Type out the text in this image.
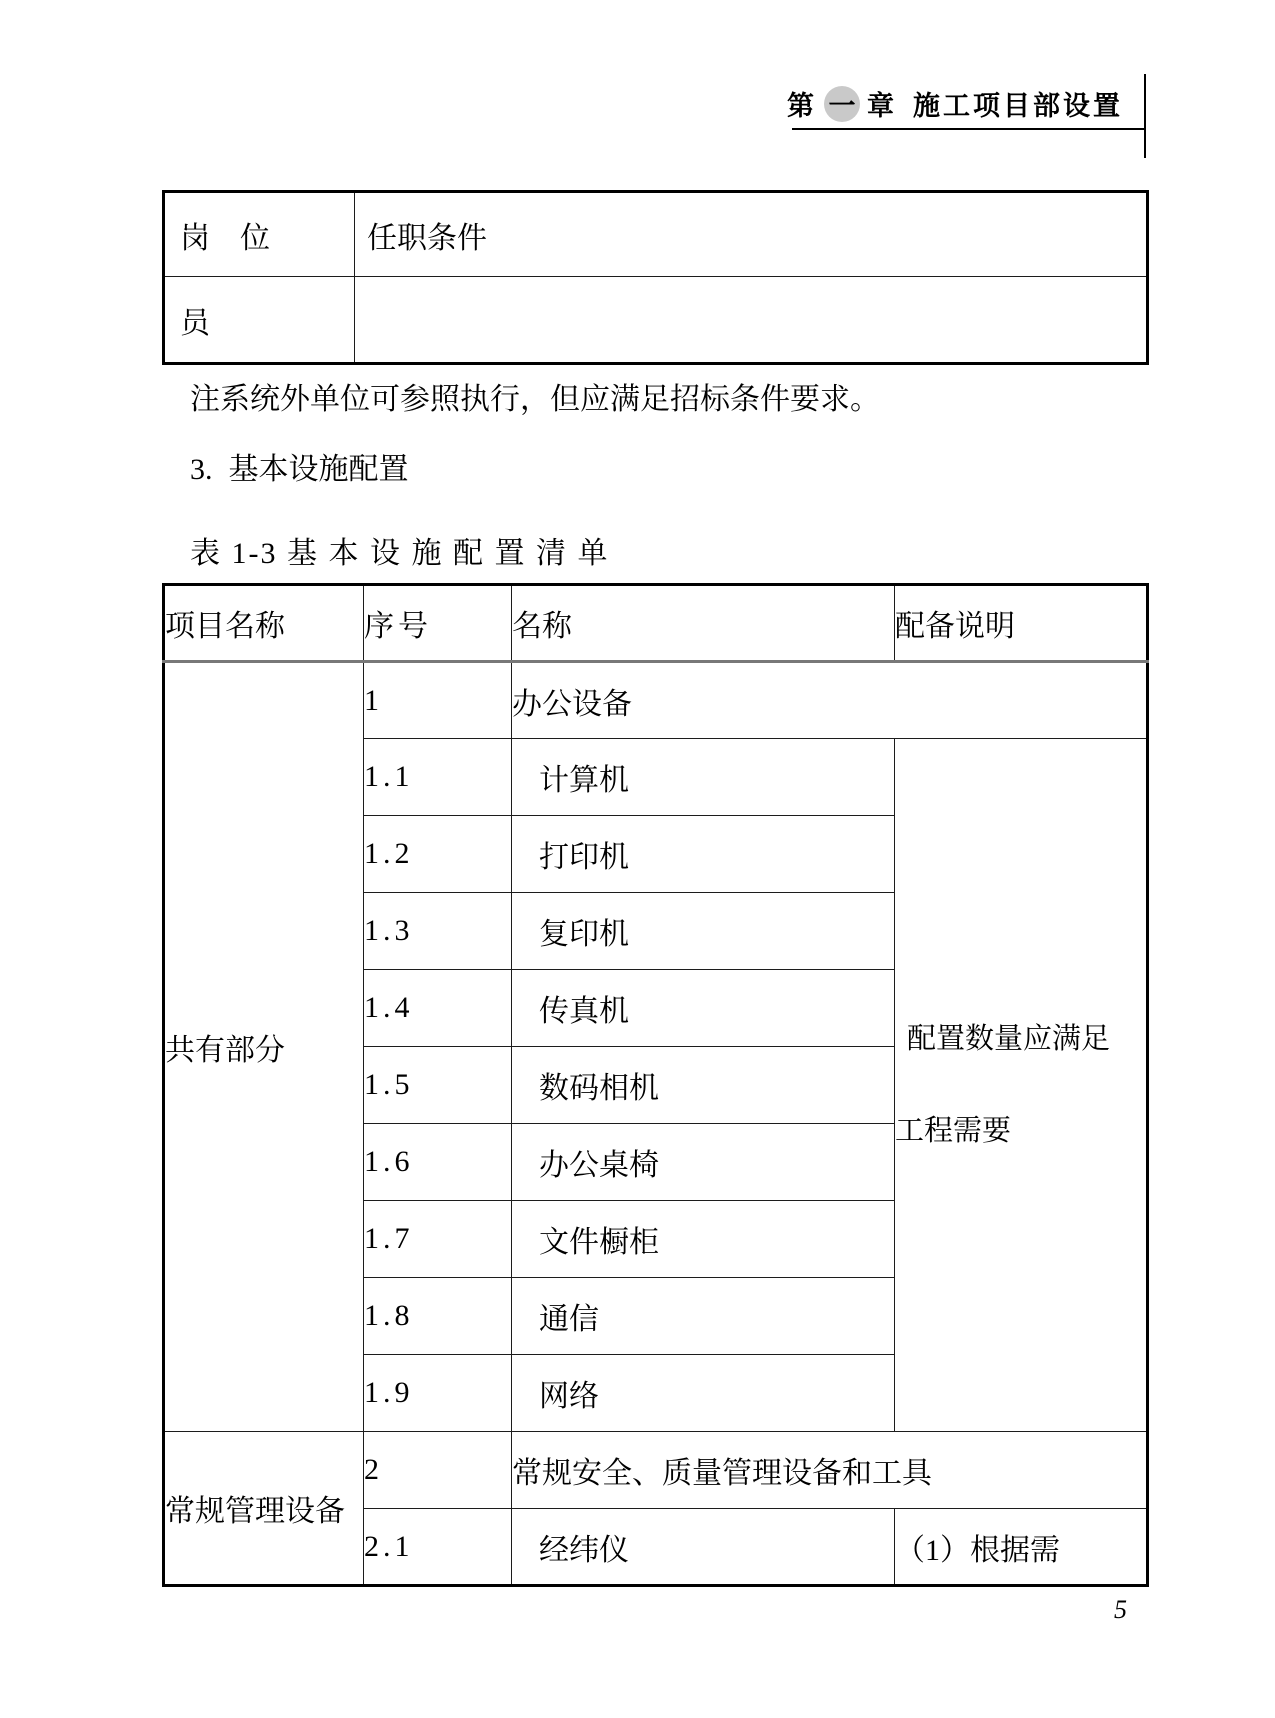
第 一 章 施工项目部设置
岗　位	任职条件
员	
注系统外单位可参照执行，但应满足招标条件要求。
3. 基本设施配置
表 1-3 基 本 设 施 配 置 清 单
项目名称	序号	名称	配备说明
共有部分	1	办公设备	
	1.1	计算机	配置数量应满足
工程需要

	1.2	打印机	
	1.3	复印机	
	1.4	传真机	
	1.5	数码相机	
	1.6	办公桌椅	
	1.7	文件橱柜	
	1.8	通信	
	1.9	网络	
常规管理设备	2	常规安全、质量管理设备和工具	
	2.1	经纬仪	（1）根据需
5
